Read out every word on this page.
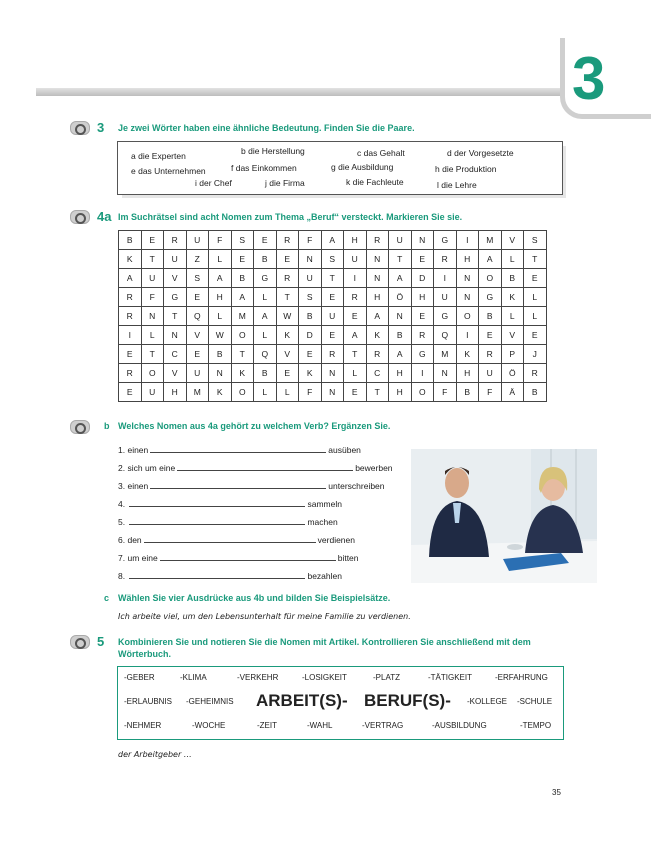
3
3 Je zwei Wörter haben eine ähnliche Bedeutung. Finden Sie die Paare.
a die Experten	b die Herstellung	c das Gehalt	d der Vorgesetzte
e das Unternehmen	f das Einkommen	g die Ausbildung	h die Produktion
i der Chef	j die Firma	k die Fachleute	l die Lehre
4a Im Suchrätsel sind acht Nomen zum Thema „Beruf“ versteckt. Markieren Sie sie.
B	E	R	U	F	S	E	R	F	A	H	R	U	N	G	I	M	V	S
K	T	U	Z	L	E	B	E	N	S	U	N	T	E	R	H	A	L	T
A	U	V	S	A	B	G	R	U	T	I	N	A	D	I	N	O	B	E
R	F	G	E	H	A	L	T	S	E	R	H	Ö	H	U	N	G	K	L
R	N	T	Q	L	M	A	W	B	U	E	A	N	E	G	O	B	L	L
I	L	N	V	W	O	L	K	D	E	A	K	B	R	Q	I	E	V	E
E	T	C	E	B	T	Q	V	E	R	T	R	A	G	M	K	R	P	J
R	O	V	U	N	K	B	E	K	N	L	C	H	I	N	H	U	Ö	R
E	U	H	M	K	O	L	L	F	N	E	T	H	O	F	B	F	Ä	B
b Welches Nomen aus 4a gehört zu welchem Verb? Ergänzen Sie.
1. einen	ausüben
2. sich um eine	bewerben
3. einen	unterschreiben
4.	sammeln
5.	machen
6. den	verdienen
7. um eine	bitten
8.	bezahlen
c Wählen Sie vier Ausdrücke aus 4b und bilden Sie Beispielsätze.
Ich arbeite viel, um den Lebensunterhalt für meine Familie zu verdienen.
5 Kombinieren Sie und notieren Sie die Nomen mit Artikel. Kontrollieren Sie anschließend mit dem Wörterbuch.
-GEBER	-KLIMA	-VERKEHR	-LOSIGKEIT	-PLATZ	-TÄTIGKEIT	-ERFAHRUNG
-ERLAUBNIS -GEHEIMNIS ARBEIT(S)- BERUF(S)- -KOLLEGE -SCHULE
-NEHMER	-WOCHE	-ZEIT	-WAHL	-VERTRAG	-AUSBILDUNG	-TEMPO
der Arbeitgeber …
35
